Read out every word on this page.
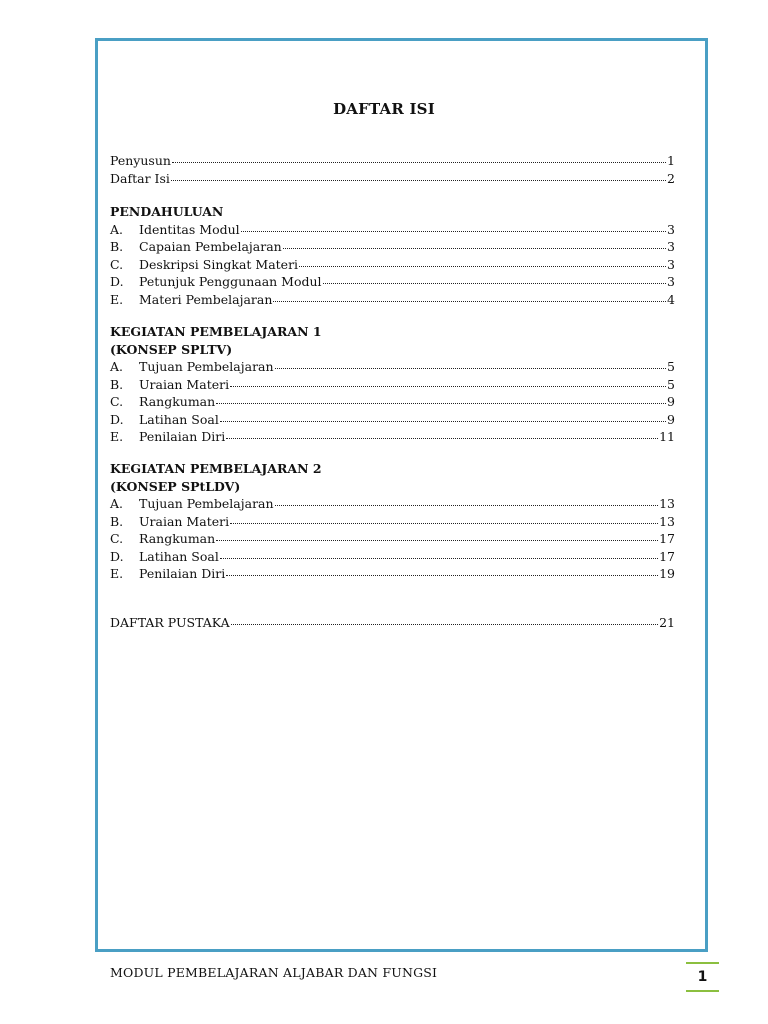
DAFTAR ISI
Penyusun	1
Daftar Isi	2
PENDAHULUAN
A.	Identitas Modul	3
B.	Capaian Pembelajaran	3
C.	Deskripsi Singkat Materi	3
D.	Petunjuk Penggunaan Modul	3
E.	Materi Pembelajaran	4
KEGIATAN PEMBELAJARAN 1
(KONSEP SPLTV)
A.	Tujuan Pembelajaran	5
B.	Uraian Materi	5
C.	Rangkuman	9
D.	Latihan Soal	9
E.	Penilaian Diri	11
KEGIATAN PEMBELAJARAN 2
(KONSEP SPtLDV)
A.	Tujuan Pembelajaran	13
B.	Uraian Materi	13
C.	Rangkuman	17
D.	Latihan Soal	17
E.	Penilaian Diri	19
DAFTAR PUSTAKA	21
MODUL PEMBELAJARAN ALJABAR DAN FUNGSI	1
